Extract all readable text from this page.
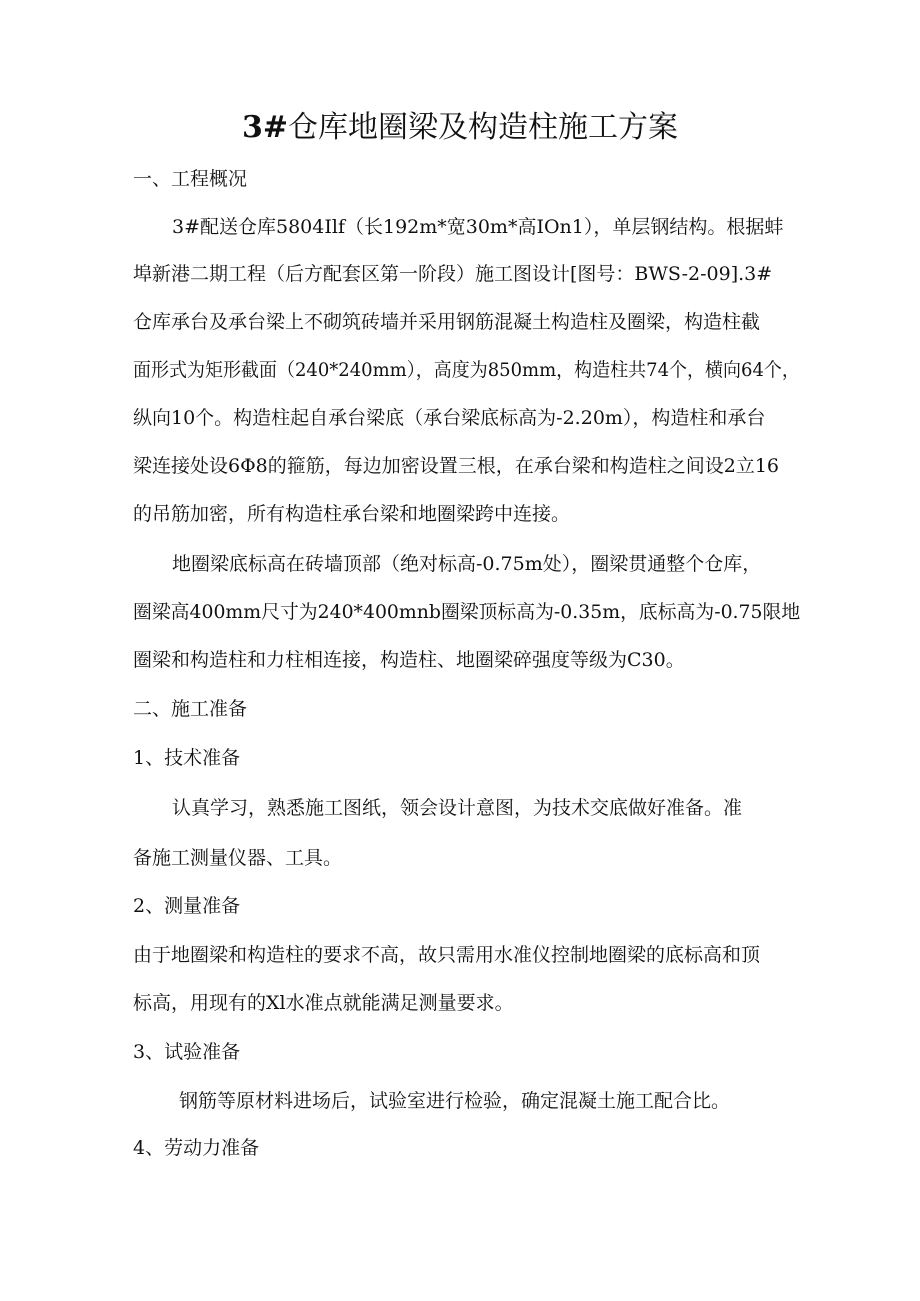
3#仓库地圈梁及构造柱施工方案
一、工程概况
3#配送仓库5804Ilf（长192m*宽30m*高IOn1），单层钢结构。根据蚌
埠新港二期工程（后方配套区第一阶段）施工图设计[图号：BWS-2-09].3#
仓库承台及承台梁上不砌筑砖墙并采用钢筋混凝土构造柱及圈梁，构造柱截
面形式为矩形截面（240*240mm），高度为850mm，构造柱共74个，横向64个，
纵向10个。构造柱起自承台梁底（承台梁底标高为-2.20m），构造柱和承台
梁连接处设6Φ8的箍筋，每边加密设置三根，在承台梁和构造柱之间设2立16
的吊筋加密，所有构造柱承台梁和地圈梁跨中连接。
地圈梁底标高在砖墙顶部（绝对标高-0.75m处），圈梁贯通整个仓库，
圈梁高400mm尺寸为240*400mnb圈梁顶标高为-0.35m，底标高为-0.75限地
圈梁和构造柱和力柱相连接，构造柱、地圈梁碎强度等级为C30。
二、施工准备
1、技术准备
认真学习，熟悉施工图纸，领会设计意图，为技术交底做好准备。准
备施工测量仪器、工具。
2、测量准备
由于地圈梁和构造柱的要求不高，故只需用水准仪控制地圈梁的底标高和顶
标高，用现有的Xl水准点就能满足测量要求。
3、试验准备
钢筋等原材料进场后，试验室进行检验，确定混凝土施工配合比。
4、劳动力准备
